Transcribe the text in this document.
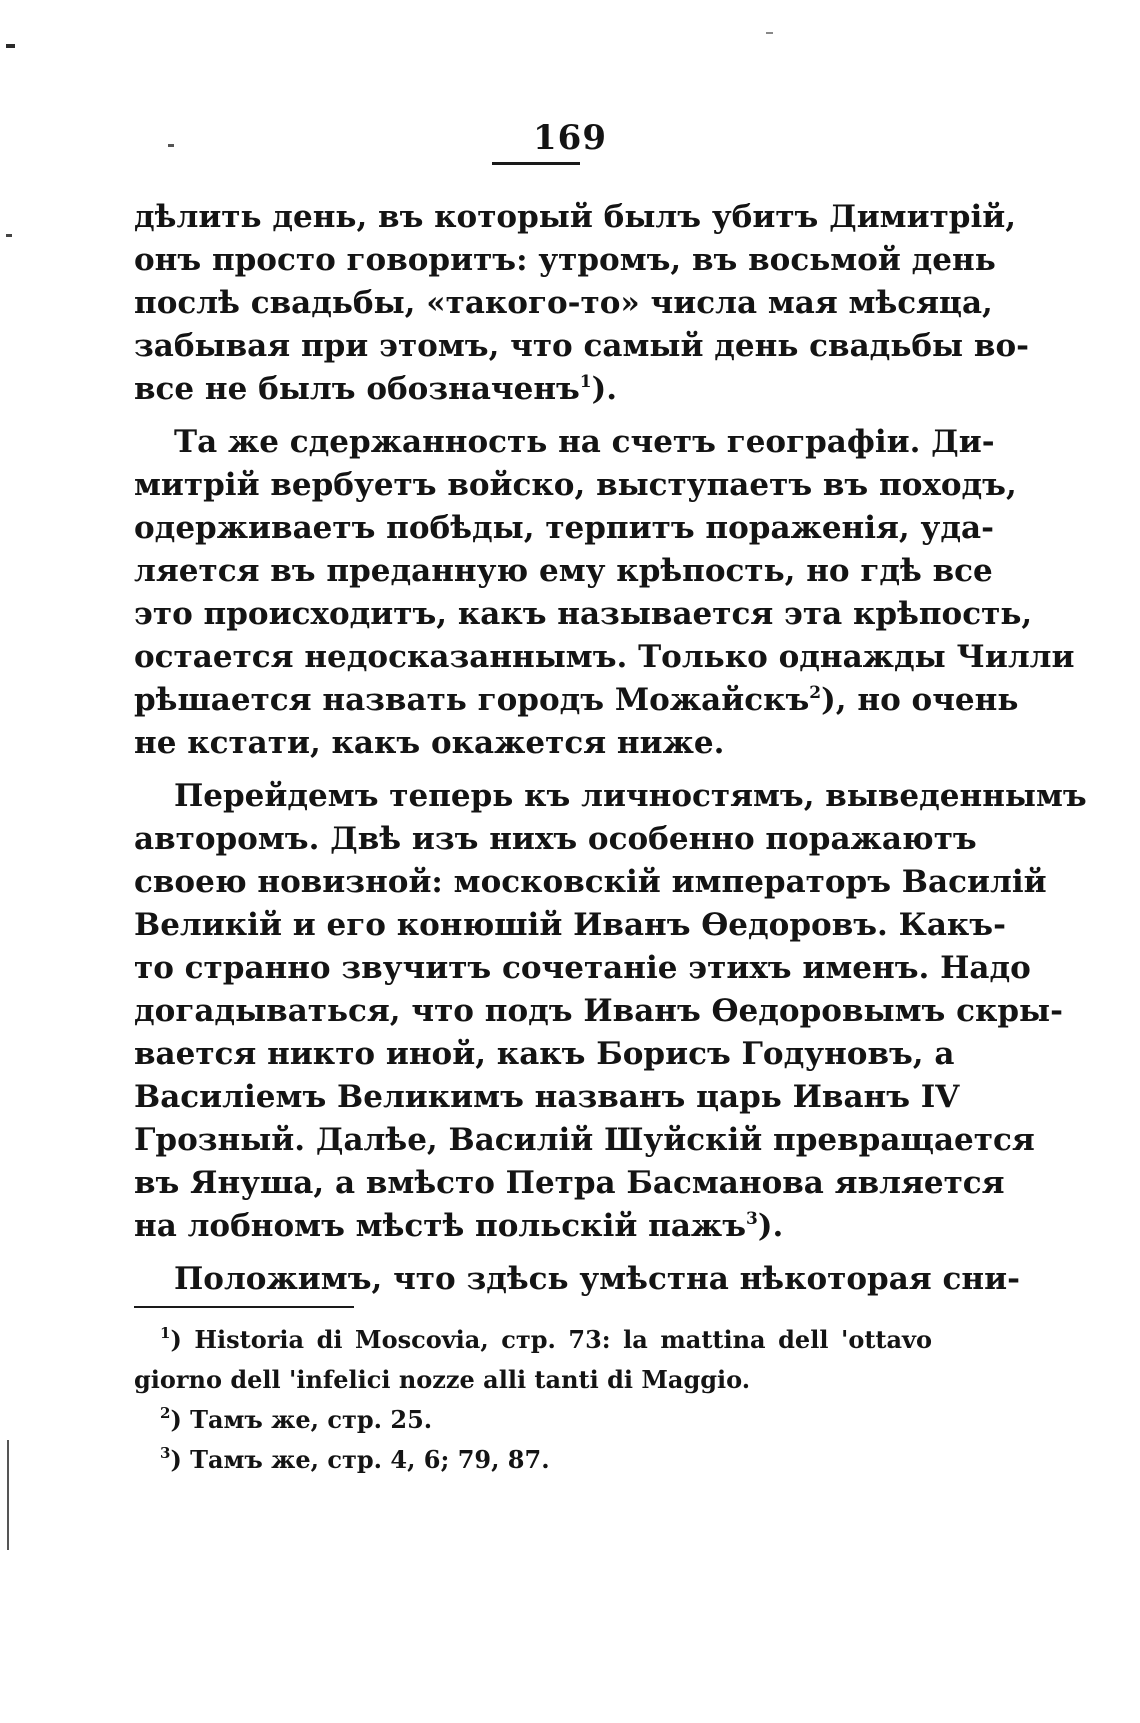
169
дѣлить день, въ который былъ убитъ Димитрій,
онъ просто говоритъ: утромъ, въ восьмой день
послѣ свадьбы, «такого-то» числа мая мѣсяца,
забывая при этомъ, что самый день свадьбы во-
все не былъ обозначенъ$^1$).
Та же сдержанность на счетъ географіи. Ди-
митрій вербуетъ войско, выступаетъ въ походъ,
одерживаетъ побѣды, терпитъ пораженія, уда-
ляется въ преданную ему крѣпость, но гдѣ все
это происходитъ, какъ называется эта крѣпость,
остается недосказаннымъ. Только однажды Чилли
рѣшается назвать городъ Можайскъ$^2$), но очень
не кстати, какъ окажется ниже.
Перейдемъ теперь къ личностямъ, выведеннымъ
авторомъ. Двѣ изъ нихъ особенно поражаютъ
своею новизной: московскій императоръ Василій
Великій и его конюшій Иванъ Ѳедоровъ. Какъ-
то странно звучитъ сочетаніе этихъ именъ. Надо
догадываться, что подъ Иванъ Ѳедоровымъ скры-
вается никто иной, какъ Борисъ Годуновъ, а
Василіемъ Великимъ названъ царь Иванъ IV
Грозный. Далѣе, Василій Шуйскій превращается
въ Януша, а вмѣсто Петра Басманова является
на лобномъ мѣстѣ польскій пажъ$^3$).
Положимъ, что здѣсь умѣстна нѣкоторая сни-
$^1$) Historia di Moscovia, стр. 73: la mattina dell 'ottavo
giorno dell 'infelici nozze alli tanti di Maggio.
$^2$) Тамъ же, стр. 25.
$^3$) Тамъ же, стр. 4, 6; 79, 87.
